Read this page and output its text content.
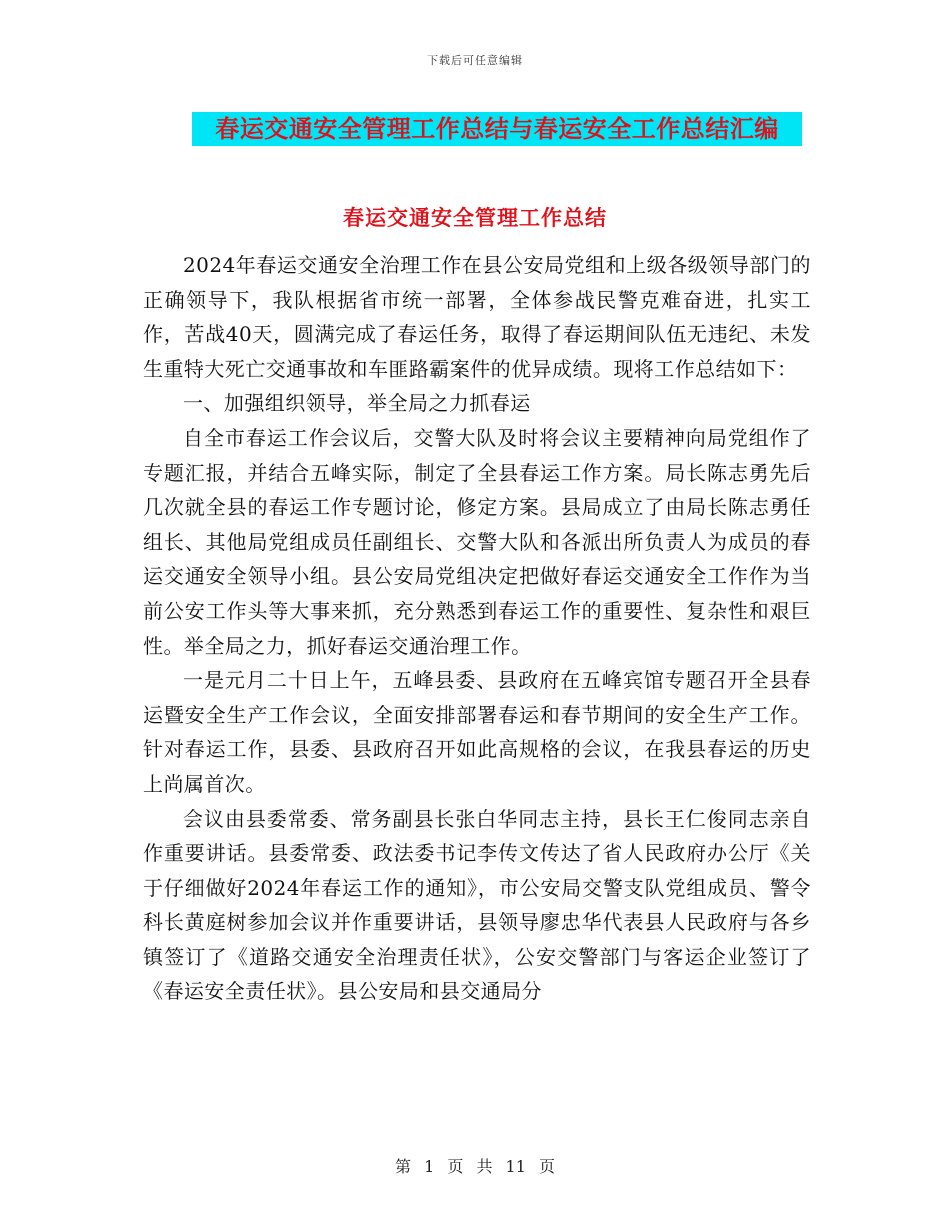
下载后可任意编辑
春运交通安全管理工作总结与春运安全工作总结汇编
春运交通安全管理工作总结

2024年春运交通安全治理工作在县公安局党组和上级各级领导部门的正确领导下，我队根据省市统一部署，全体参战民警克难奋进，扎实工作，苦战40天，圆满完成了春运任务，取得了春运期间队伍无违纪、未发生重特大死亡交通事故和车匪路霸案件的优异成绩。现将工作总结如下：

一、加强组织领导，举全局之力抓春运

自全市春运工作会议后，交警大队及时将会议主要精神向局党组作了专题汇报，并结合五峰实际，制定了全县春运工作方案。局长陈志勇先后几次就全县的春运工作专题讨论，修定方案。县局成立了由局长陈志勇任组长、其他局党组成员任副组长、交警大队和各派出所负责人为成员的春运交通安全领导小组。县公安局党组决定把做好春运交通安全工作作为当前公安工作头等大事来抓，充分熟悉到春运工作的重要性、复杂性和艰巨性。举全局之力，抓好春运交通治理工作。

一是元月二十日上午，五峰县委、县政府在五峰宾馆专题召开全县春运暨安全生产工作会议，全面安排部署春运和春节期间的安全生产工作。针对春运工作，县委、县政府召开如此高规格的会议，在我县春运的历史上尚属首次。

会议由县委常委、常务副县长张白华同志主持，县长王仁俊同志亲自作重要讲话。县委常委、政法委书记李传文传达了省人民政府办公厅《关于仔细做好2024年春运工作的通知》，市公安局交警支队党组成员、警令科长黄庭树参加会议并作重要讲话，县领导廖忠华代表县人民政府与各乡镇签订了《道路交通安全治理责任状》，公安交警部门与客运企业签订了《春运安全责任状》。县公安局和县交通局分

第 1 页 共 11 页
